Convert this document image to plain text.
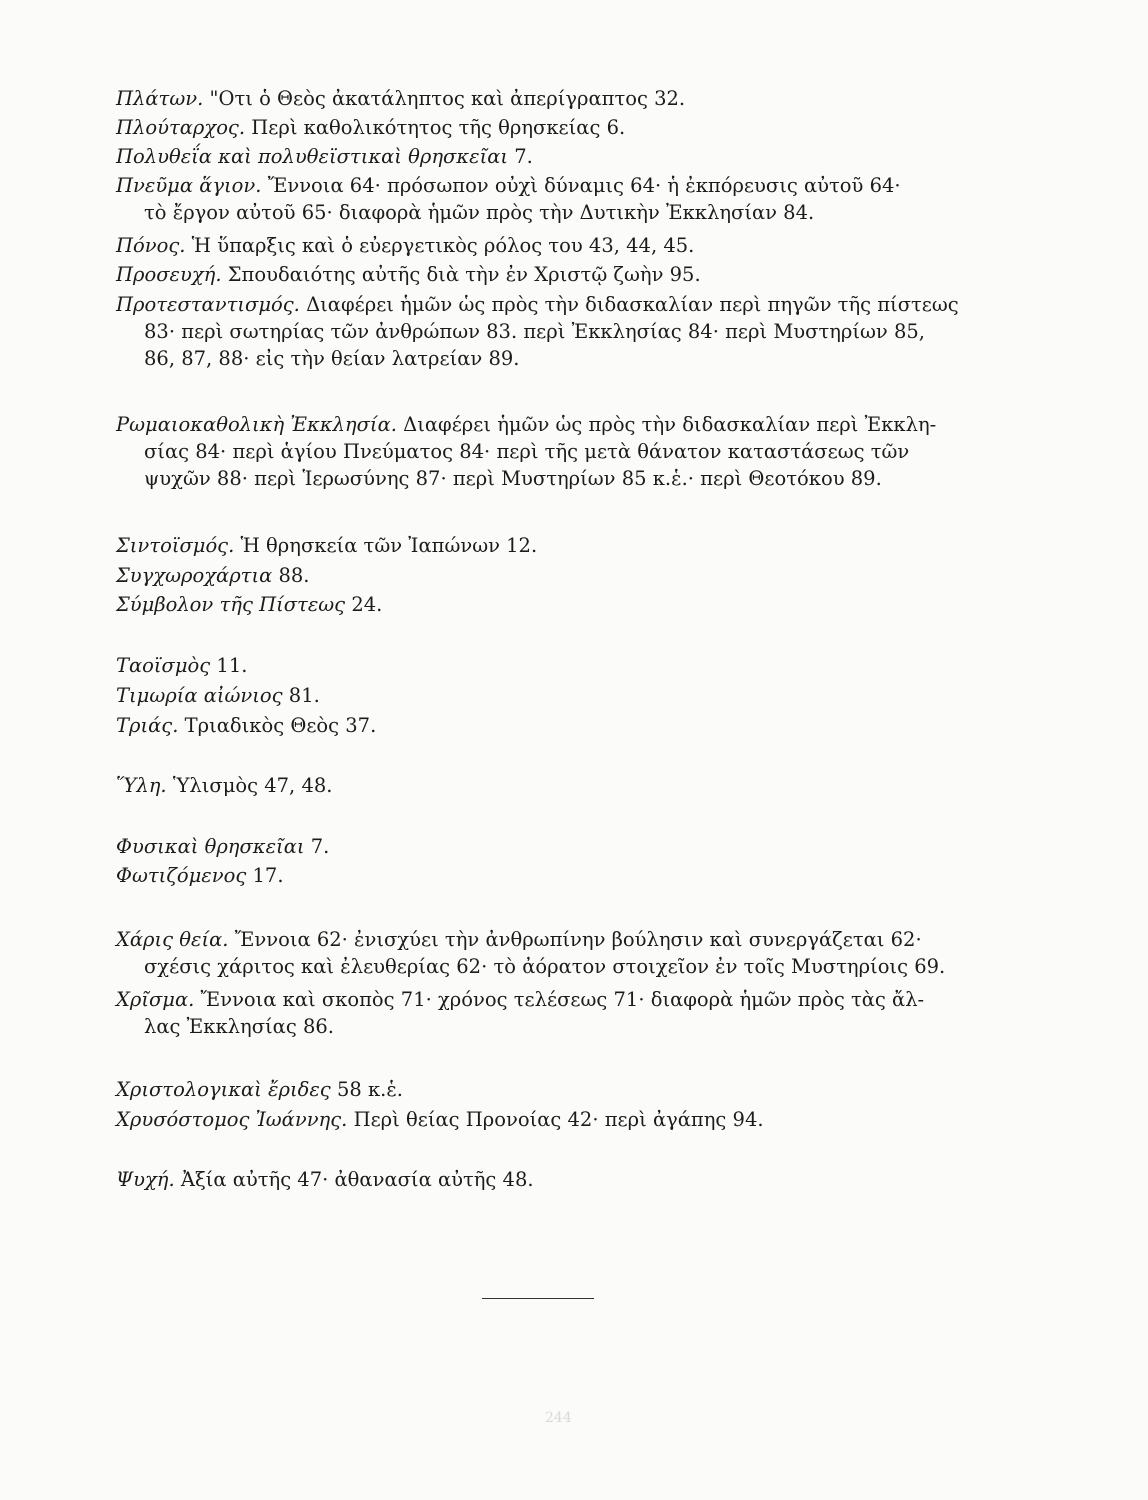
Πλάτων. "Οτι ὁ Θεὸς ἀκατάληπτος καὶ ἀπερίγραπτος 32.
Πλούταρχος. Περὶ καθολικότητος τῆς θρησκείας 6.
Πολυθεΐα καὶ πολυθεϊστικαὶ θρησκεῖαι 7.
Πνεῦμα ἅγιον. Ἔννοια 64· πρόσωπον οὐχὶ δύναμις 64· ἡ ἐκπόρευσις αὐτοῦ 64·
τὸ ἔργον αὐτοῦ 65· διαφορὰ ἡμῶν πρὸς τὴν Δυτικὴν Ἐκκλησίαν 84.
Πόνος. Ἡ ὕπαρξις καὶ ὁ εὐεργετικὸς ρόλος του 43, 44, 45.
Προσευχή. Σπουδαιότης αὐτῆς διὰ τὴν ἐν Χριστῷ ζωὴν 95.
Προτεσταντισμός. Διαφέρει ἡμῶν ὡς πρὸς τὴν διδασκαλίαν περὶ πηγῶν τῆς πίστεως
83· περὶ σωτηρίας τῶν ἀνθρώπων 83. περὶ Ἐκκλησίας 84· περὶ Μυστηρίων 85,
86, 87, 88· εἰς τὴν θείαν λατρείαν 89.
Ρωμαιοκαθολικὴ Ἐκκλησία. Διαφέρει ἡμῶν ὡς πρὸς τὴν διδασκαλίαν περὶ Ἐκκλη-
σίας 84· περὶ ἁγίου Πνεύματος 84· περὶ τῆς μετὰ θάνατον καταστάσεως τῶν
ψυχῶν 88· περὶ Ἱερωσύνης 87· περὶ Μυστηρίων 85 κ.ἑ.· περὶ Θεοτόκου 89.
Σιντοϊσμός. Ἡ θρησκεία τῶν Ἰαπώνων 12.
Συγχωροχάρτια 88.
Σύμβολον τῆς Πίστεως 24.
Ταοϊσμὸς 11.
Τιμωρία αἰώνιος 81.
Τριάς. Τριαδικὸς Θεὸς 37.
Ὕλη. Ὑλισμὸς 47, 48.
Φυσικαὶ θρησκεῖαι 7.
Φωτιζόμενος 17.
Χάρις θεία. Ἔννοια 62· ἐνισχύει τὴν ἀνθρωπίνην βούλησιν καὶ συνεργάζεται 62·
σχέσις χάριτος καὶ ἐλευθερίας 62· τὸ ἀόρατον στοιχεῖον ἐν τοῖς Μυστηρίοις 69.
Χρῖσμα. Ἔννοια καὶ σκοπὸς 71· χρόνος τελέσεως 71· διαφορὰ ἡμῶν πρὸς τὰς ἄλ-
λας Ἐκκλησίας 86.
Χριστολογικαὶ ἔριδες 58 κ.ἑ.
Χρυσόστομος Ἰωάννης. Περὶ θείας Προνοίας 42· περὶ ἀγάπης 94.
Ψυχή. Ἀξία αὐτῆς 47· ἀθανασία αὐτῆς 48.
244
